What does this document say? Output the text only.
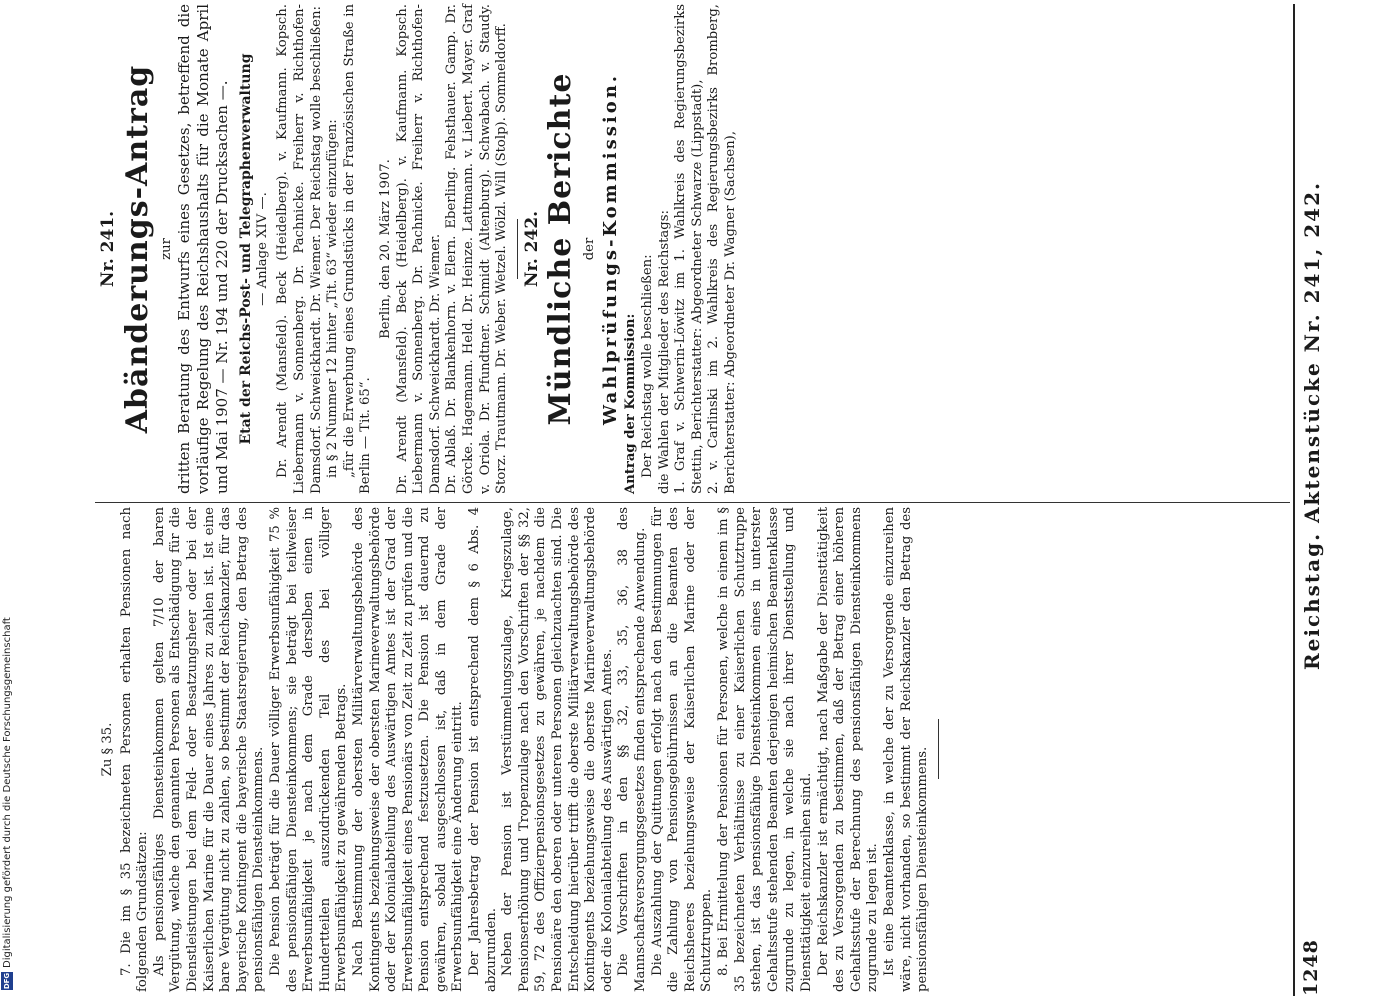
1248
Reichstag. Aktenstücke Nr. 241, 242.

Zu § 35. 7. Die im § 35 bezeichneten Personen erhalten Pensionen nach folgenden Grundsätzen: Als pensionsfähiges Diensteinkommen gelten 7/10 der baren Vergütung, welche den genannten Personen als Entschädigung für die Dienstleistungen bei dem Feld- oder Besatzungsheer oder bei der Kaiserlichen Marine für die Dauer eines Jahres zu zahlen ist. Ist eine bare Vergütung nicht zu zahlen, so bestimmt der Reichskanzler, für das bayerische Kontingent die bayerische Staatsregierung, den Betrag des pensionsfähigen Diensteinkommens. Die Pension beträgt für die Dauer völliger Erwerbsunfähigkeit 75 % des pensionsfähigen Diensteinkommens; sie beträgt bei teilweiser Erwerbsunfähigkeit je nach dem Grade derselben einen in Hundertteilen auszudrückenden Teil des bei völliger Erwerbsunfähigkeit zu gewährenden Betrags. Nach Bestimmung der obersten Militärverwaltungsbehörde des Kontingents beziehungsweise der obersten Marineverwaltungsbehörde oder der Kolonialabteilung des Auswärtigen Amtes ist der Grad der Erwerbsunfähigkeit eines Pensionärs von Zeit zu Zeit zu prüfen und die Pension entsprechend festzusetzen. Die Pension ist dauernd zu gewähren, sobald ausgeschlossen ist, daß in dem Grade der Erwerbsunfähigkeit eine Änderung eintritt. Der Jahresbetrag der Pension ist entsprechend dem § 6 Abs. 4 abzurunden. Neben der Pension ist Verstümmelungszulage, Kriegszulage, Pensionserhöhung und Tropenzulage nach den Vorschriften der §§ 32, 59, 72 des Offizierpensionsgesetzes zu gewähren, je nachdem die Pensionäre den oberen oder unteren Personen gleichzuachten sind. Die Entscheidung hierüber trifft die oberste Militärverwaltungsbehörde des Kontingents beziehungsweise die oberste Marineverwaltungsbehörde oder die Kolonialabteilung des Auswärtigen Amtes. Die Vorschriften in den §§ 32, 33, 35, 36, 38 des Mannschaftsversorgungsgesetzes finden entsprechende Anwendung. Die Auszahlung der Quittungen erfolgt nach den Bestimmungen für die Zahlung von Pensionsgebührnissen an die Beamten des Reichsheeres beziehungsweise der Kaiserlichen Marine oder der Schutztruppen. 8. Bei Ermittelung der Pensionen für Personen, welche in einem im § 35 bezeichneten Verhältnisse zu einer Kaiserlichen Schutztruppe stehen, ist das pensionsfähige Diensteinkommen eines in unterster Gehaltsstufe stehenden Beamten derjenigen heimischen Beamtenklasse zugrunde zu legen, in welche sie nach ihrer Dienststellung und Diensttätigkeit einzureihen sind. Der Reichskanzler ist ermächtigt, nach Maßgabe der Diensttätigkeit des zu Versorgenden zu bestimmen, daß der Betrag einer höheren Gehaltsstufe der Berechnung des pensionsfähigen Diensteinkommens zugrunde zu legen ist. Ist eine Beamtenklasse, in welche der zu Versorgende einzureihen wäre, nicht vorhanden, so bestimmt der Reichskanzler den Betrag des pensionsfähigen Diensteinkommens.

Nr. 241. Abänderungs-Antrag zur dritten Beratung des Entwurfs eines Gesetzes, betreffend die vorläufige Regelung des Reichshaushalts für die Monate April und Mai 1907 — Nr. 194 und 220 der Drucksachen —. Etat der Reichs-Post- und Telegraphenverwaltung — Anlage XIV —. Dr. Arendt (Mansfeld). Beck (Heidelberg). v. Kaufmann. Kopsch. Liebermann v. Sonnenberg. Dr. Pachnicke. Freiherr v. Richthofen-Damsdorf. Schweickhardt. Dr. Wiemer. Der Reichstag wolle beschließen: in § 2 Nummer 12 hinter „Tit. 63“ wieder einzufügen: „für die Erwerbung eines Grundstücks in der Französischen Straße in Berlin — Tit. 65“.

Berlin, den 20. März 1907. Dr. Arendt (Mansfeld). Beck (Heidelberg). v. Kaufmann. Kopsch. Liebermann v. Sonnenberg. Dr. Pachnicke. Freiherr v. Richthofen-Damsdorf. Schweickhardt. Dr. Wiemer. Dr. Ablaß. Dr. Blankenhorn. v. Elern. Eberling. Fehsthauer. Gamp. Dr. Görcke. Hagemann. Held. Dr. Heinze. Lattmann. v. Liebert. Mayer. Graf v. Oriola. Dr. Pfundtner. Schmidt (Altenburg). Schwabach. v. Staudy. Storz. Trautmann. Dr. Weber. Wetzel. Wölzl. Will (Stolp). Sommeldorff. Nr. 242. Mündliche Berichte der Wahlprüfungs-Kommission. Antrag der Kommission: Der Reichstag wolle beschließen: die Wahlen der Mitglieder des Reichstags: 1. Graf v. Schwerin-Löwitz im 1. Wahlkreis des Regierungsbezirks Stettin, Berichterstatter: Abgeordneter Schwarze (Lippstadt), 2. v. Carlinski im 2. Wahlkreis des Regierungsbezirks Bromberg, Berichterstatter: Abgeordneter Dr. Wagner (Sachsen),
DFGDigitalisierung gefördert durch die Deutsche Forschungsgemeinschaft
